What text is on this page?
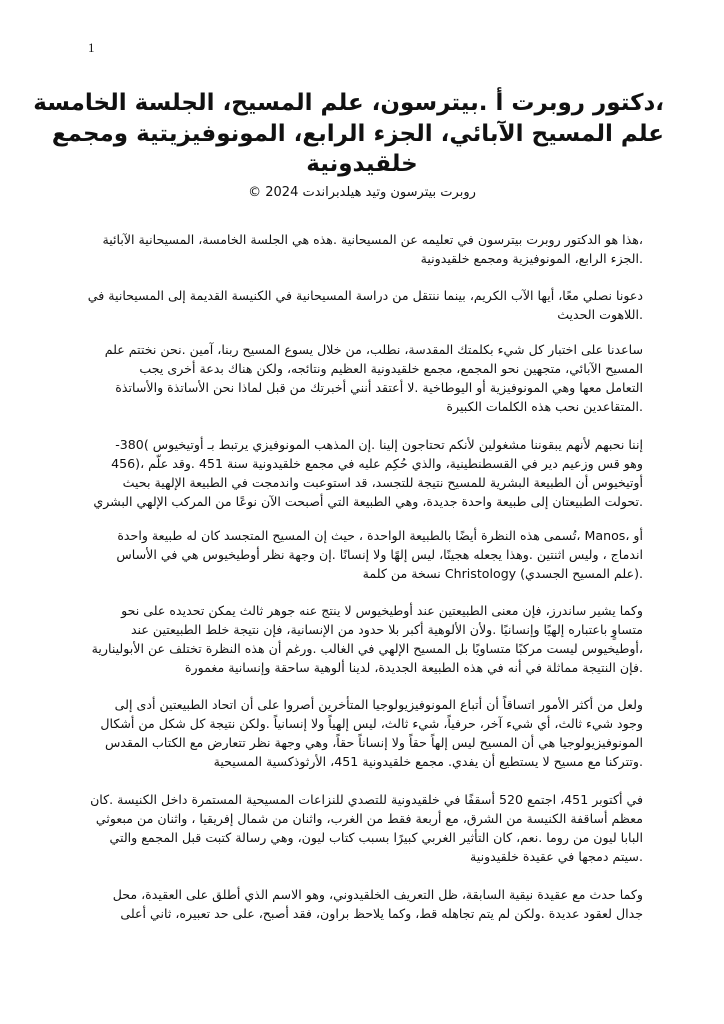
1
،دكتور روبرت أ .بيترسون، علم المسيح، الجلسة الخامسة
علم المسيح الآبائي، الجزء الرابع، المونوفيزيتية ومجمع
خلقيدونية
روبرت بيترسون وتيد هيلدبراندت 2024 ©
،هذا هو الدكتور روبرت بيترسون في تعليمه عن المسيحانية .هذه هي الجلسة الخامسة، المسيحانية الآبائية
.الجزء الرابع، المونوفيزية ومجمع خلقيدونية
دعونا نصلي معًا، أيها الآب الكريم، بينما ننتقل من دراسة المسيحانية في الكنيسة القديمة إلى المسيحانية في
.اللاهوت الحديث
ساعدنا على اختبار كل شيء بكلمتك المقدسة، نطلب، من خلال يسوع المسيح ربنا، آمين .نحن نختتم علم
المسيح الآبائي، متجهين نحو المجمع، مجمع خلقيدونية العظيم ونتائجه، ولكن هناك بدعة أخرى يجب
التعامل معها وهي المونوفيزية أو اليوطاخية .لا أعتقد أنني أخبرتك من قبل لماذا نحن الأساتذة والأساتذة
.المتقاعدين نحب هذه الكلمات الكبيرة
إننا نحبهم لأنهم يبقوننا مشغولين لأنكم تحتاجون إلينا .إن المذهب المونوفيزي يرتبط بـ أوتيخيوس )380-
وهو قس وزعيم دير في القسطنطينية، والذي حُكِم عليه في مجمع خلقيدونية سنة 451 .وقد علّم ،(456
أوتيخيوس أن الطبيعة البشرية للمسيح نتيجة للتجسد، قد استوعبت واندمجت في الطبيعة الإلهية بحيث
.تحولت الطبيعتان إلى طبيعة واحدة جديدة، وهي الطبيعة التي أصبحت الآن نوعًا من المركب الإلهي البشري
أو ،Manos ،تُسمى هذه النظرة أيضًا بالطبيعة الواحدة ، حيث إن المسيح المتجسد كان له طبيعة واحدة
اندماج ، وليس اثنتين .وهذا يجعله هجينًا، ليس إلهًا ولا إنسانًا .إن وجهة نظر أوطيخيوس هي في الأساس
.(علم المسيح الجسدي) Christology نسخة من كلمة
وكما يشير ساندرز، فإن معنى الطبيعتين عند أوطيخيوس لا ينتج عنه جوهر ثالث يمكن تحديده على نحو
متساوٍ باعتباره إلهيًا وإنسانيًا .ولأن الألوهية أكبر بلا حدود من الإنسانية، فإن نتيجة خلط الطبيعتين عند
،أوطيخيوس ليست مركبًا متساويًا بل المسيح الإلهي في الغالب .ورغم أن هذه النظرة تختلف عن الأبولينارية
.فإن النتيجة مماثلة في أنه في هذه الطبيعة الجديدة، لدينا ألوهية ساحقة وإنسانية مغمورة
ولعل من أكثر الأمور اتساقاً أن أتباع المونوفيزيولوجيا المتأخرين أصروا على أن اتحاد الطبيعتين أدى إلى
وجود شيء ثالث، أي شيء آخر، حرفياً، شيء ثالث، ليس إلهياً ولا إنسانياً .ولكن نتيجة كل شكل من أشكال
المونوفيزيولوجيا هي أن المسيح ليس إلهاً حقاً ولا إنساناً حقاً، وهي وجهة نظر تتعارض مع الكتاب المقدس
.وتتركنا مع مسيح لا يستطيع أن يفدي. مجمع خلقيدونية 451، الأرثوذكسية المسيحية
في أكتوبر 451، اجتمع 520 أسقفًا في خلقيدونية للتصدي للنزاعات المسيحية المستمرة داخل الكنيسة .كان
معظم أساقفة الكنيسة من الشرق، مع أربعة فقط من الغرب، واثنان من شمال إفريقيا ، واثنان من مبعوثي
البابا ليون من روما .نعم، كان التأثير الغربي كبيرًا بسبب كتاب ليون، وهي رسالة كتبت قبل المجمع والتي
.سيتم دمجها في عقيدة خلقيدونية
وكما حدث مع عقيدة نيقية السابقة، ظل التعريف الخلقيدوني، وهو الاسم الذي أطلق على العقيدة، محل
جدال لعقود عديدة .ولكن لم يتم تجاهله قط، وكما يلاحظ براون، فقد أصبح، على حد تعبيره، ثاني أعلى
